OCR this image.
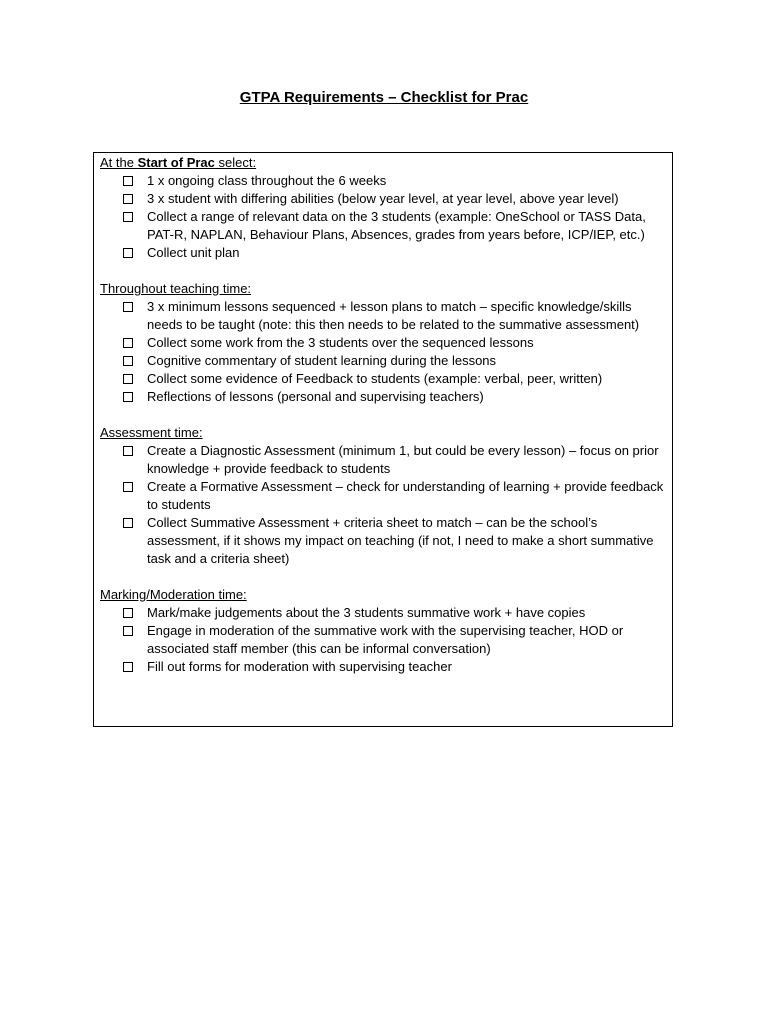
GTPA Requirements – Checklist for Prac
At the Start of Prac select:
1 x ongoing class throughout the 6 weeks
3 x student with differing abilities (below year level, at year level, above year level)
Collect a range of relevant data on the 3 students (example: OneSchool or TASS Data, PAT-R, NAPLAN, Behaviour Plans, Absences, grades from years before, ICP/IEP, etc.)
Collect unit plan
Throughout teaching time:
3 x minimum lessons sequenced + lesson plans to match – specific knowledge/skills needs to be taught (note: this then needs to be related to the summative assessment)
Collect some work from the 3 students over the sequenced lessons
Cognitive commentary of student learning during the lessons
Collect some evidence of Feedback to students (example: verbal, peer, written)
Reflections of lessons (personal and supervising teachers)
Assessment time:
Create a Diagnostic Assessment (minimum 1, but could be every lesson) – focus on prior knowledge + provide feedback to students
Create a Formative Assessment – check for understanding of learning + provide feedback to students
Collect Summative Assessment + criteria sheet to match – can be the school’s assessment, if it shows my impact on teaching (if not, I need to make a short summative task and a criteria sheet)
Marking/Moderation time:
Mark/make judgements about the 3 students summative work + have copies
Engage in moderation of the summative work with the supervising teacher, HOD or associated staff member (this can be informal conversation)
Fill out forms for moderation with supervising teacher
